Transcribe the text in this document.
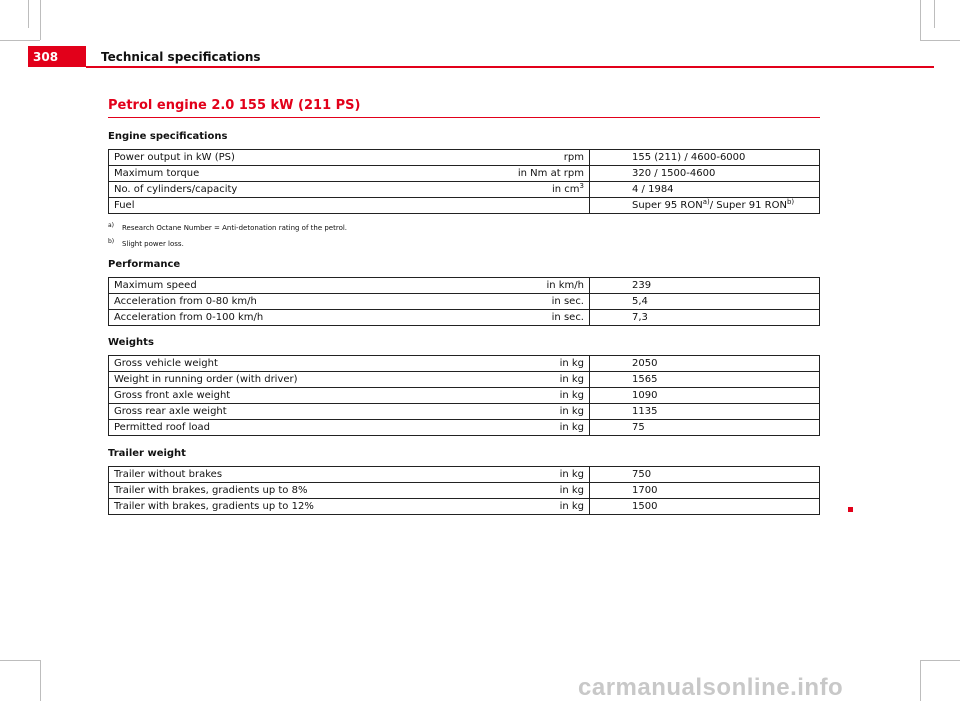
308	Technical specifications
Petrol engine 2.0 155 kW (211 PS)
Engine specifications
Power output in kW (PS)	rpm	155 (211) / 4600-6000
Maximum torque	in Nm at rpm	320 / 1500-4600
No. of cylinders/capacity	in $cm^3$	4 / 1984
Fuel		Super 95 RON$^{a)}$/ Super 91 RON$^{b)}$
a) Research Octane Number = Anti-detonation rating of the petrol.
b) Slight power loss.
Performance
Maximum speed	in km/h	239
Acceleration from 0-80 km/h	in sec.	5,4
Acceleration from 0-100 km/h	in sec.	7,3
Weights
Gross vehicle weight	in kg	2050
Weight in running order (with driver)	in kg	1565
Gross front axle weight	in kg	1090
Gross rear axle weight	in kg	1135
Permitted roof load	in kg	75
Trailer weight
Trailer without brakes	in kg	750
Trailer with brakes, gradients up to 8%	in kg	1700
Trailer with brakes, gradients up to 12%	in kg	1500
carmanualsonline.info
